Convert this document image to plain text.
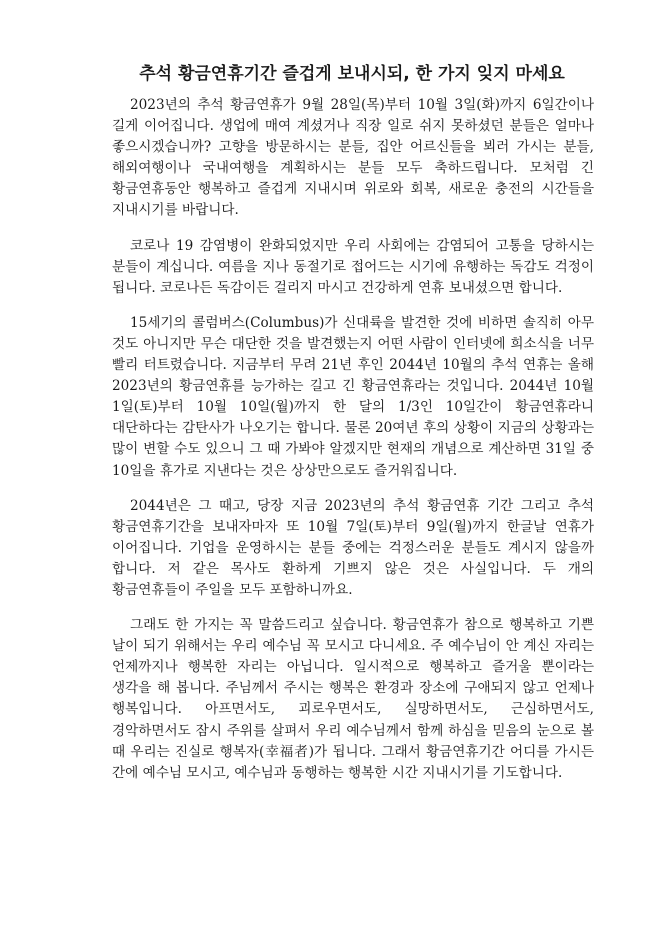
추석 황금연휴기간 즐겁게 보내시되, 한 가지 잊지 마세요

2023년의 추석 황금연휴가 9월 28일(목)부터 10월 3일(화)까지 6일간이나 길게 이어집니다. 생업에 매여 계셨거나 직장 일로 쉬지 못하셨던 분들은 얼마나 좋으시겠습니까? 고향을 방문하시는 분들, 집안 어르신들을 뵈러 가시는 분들, 해외여행이나 국내여행을 계획하시는 분들 모두 축하드립니다. 모처럼 긴 황금연휴동안 행복하고 즐겁게 지내시며 위로와 회복, 새로운 충전의 시간들을 지내시기를 바랍니다.

코로나 19 감염병이 완화되었지만 우리 사회에는 감염되어 고통을 당하시는 분들이 계십니다. 여름을 지나 동절기로 접어드는 시기에 유행하는 독감도 걱정이 됩니다. 코로나든 독감이든 걸리지 마시고 건강하게 연휴 보내셨으면 합니다.

15세기의 콜럼버스(Columbus)가 신대륙을 발견한 것에 비하면 솔직히 아무 것도 아니지만 무슨 대단한 것을 발견했는지 어떤 사람이 인터넷에 희소식을 너무 빨리 터트렸습니다. 지금부터 무려 21년 후인 2044년 10월의 추석 연휴는 올해 2023년의 황금연휴를 능가하는 길고 긴 황금연휴라는 것입니다. 2044년 10월 1일(토)부터 10월 10일(월)까지 한 달의 1/3인 10일간이 황금연휴라니 대단하다는 감탄사가 나오기는 합니다. 물론 20여년 후의 상황이 지금의 상황과는 많이 변할 수도 있으니 그 때 가봐야 알겠지만 현재의 개념으로 계산하면 31일 중 10일을 휴가로 지낸다는 것은 상상만으로도 즐거워집니다.

2044년은 그 때고, 당장 지금 2023년의 추석 황금연휴 기간 그리고 추석 황금연휴기간을 보내자마자 또 10월 7일(토)부터 9일(월)까지 한글날 연휴가 이어집니다. 기업을 운영하시는 분들 중에는 걱정스러운 분들도 계시지 않을까 합니다. 저 같은 목사도 환하게 기쁘지 않은 것은 사실입니다. 두 개의 황금연휴들이 주일을 모두 포함하니까요.

그래도 한 가지는 꼭 말씀드리고 싶습니다. 황금연휴가 참으로 행복하고 기쁜 날이 되기 위해서는 우리 예수님 꼭 모시고 다니세요. 주 예수님이 안 계신 자리는 언제까지나 행복한 자리는 아닙니다. 일시적으로 행복하고 즐거울 뿐이라는 생각을 해 봅니다. 주님께서 주시는 행복은 환경과 장소에 구애되지 않고 언제나 행복입니다. 아프면서도, 괴로우면서도, 실망하면서도, 근심하면서도, 경악하면서도 잠시 주위를 살펴서 우리 예수님께서 함께 하심을 믿음의 눈으로 볼 때 우리는 진실로 행복자(幸福者)가 됩니다. 그래서 황금연휴기간 어디를 가시든 간에 예수님 모시고, 예수님과 동행하는 행복한 시간 지내시기를 기도합니다.
